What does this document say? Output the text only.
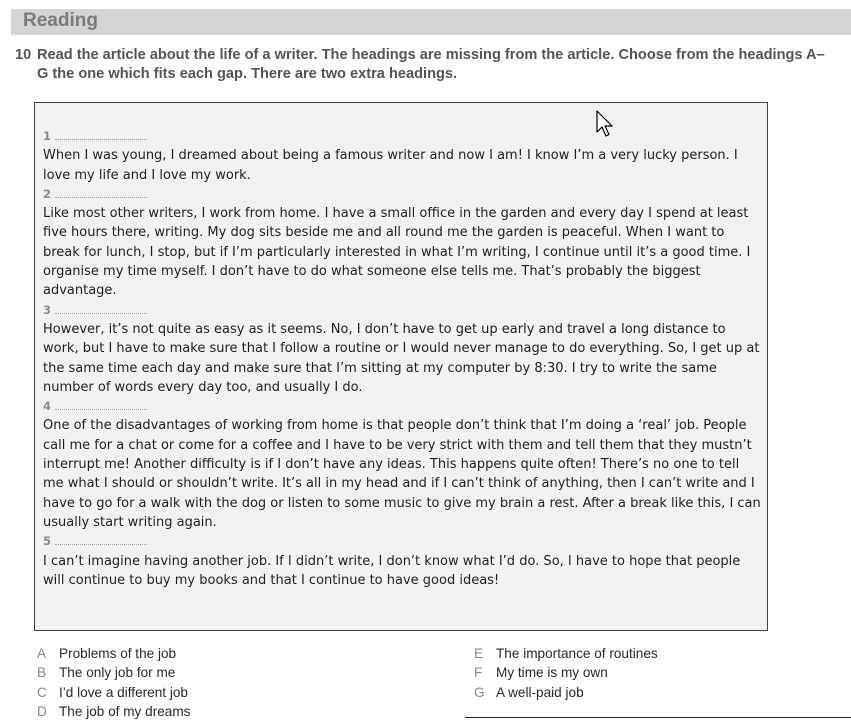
Reading
10 Read the article about the life of a writer. The headings are missing from the article. Choose from the headings A–G the one which fits each gap. There are two extra headings.
1

When I was young, I dreamed about being a famous writer and now I am! I know I’m a very lucky person. I love my life and I love my work.

2

Like most other writers, I work from home. I have a small office in the garden and every day I spend at least five hours there, writing. My dog sits beside me and all round me the garden is peaceful. When I want to break for lunch, I stop, but if I’m particularly interested in what I’m writing, I continue until it’s a good time. I organise my time myself. I don’t have to do what someone else tells me. That’s probably the biggest advantage.

3

However, it’s not quite as easy as it seems. No, I don’t have to get up early and travel a long distance to work, but I have to make sure that I follow a routine or I would never manage to do everything. So, I get up at the same time each day and make sure that I’m sitting at my computer by 8:30. I try to write the same number of words every day too, and usually I do.

4

One of the disadvantages of working from home is that people don’t think that I’m doing a ‘real’ job. People call me for a chat or come for a coffee and I have to be very strict with them and tell them that they mustn’t interrupt me! Another difficulty is if I don’t have any ideas. This happens quite often! There’s no one to tell me what I should or shouldn’t write. It’s all in my head and if I can’t think of anything, then I can’t write and I have to go for a walk with the dog or listen to some music to give my brain a rest. After a break like this, I can usually start writing again.

5

I can’t imagine having another job. If I didn’t write, I don’t know what I’d do. So, I have to hope that people will continue to buy my books and that I continue to have good ideas!

A Problems of the job
B The only job for me
C I’d love a different job
D The job of my dreams
E The importance of routines
F My time is my own
G A well-paid job
